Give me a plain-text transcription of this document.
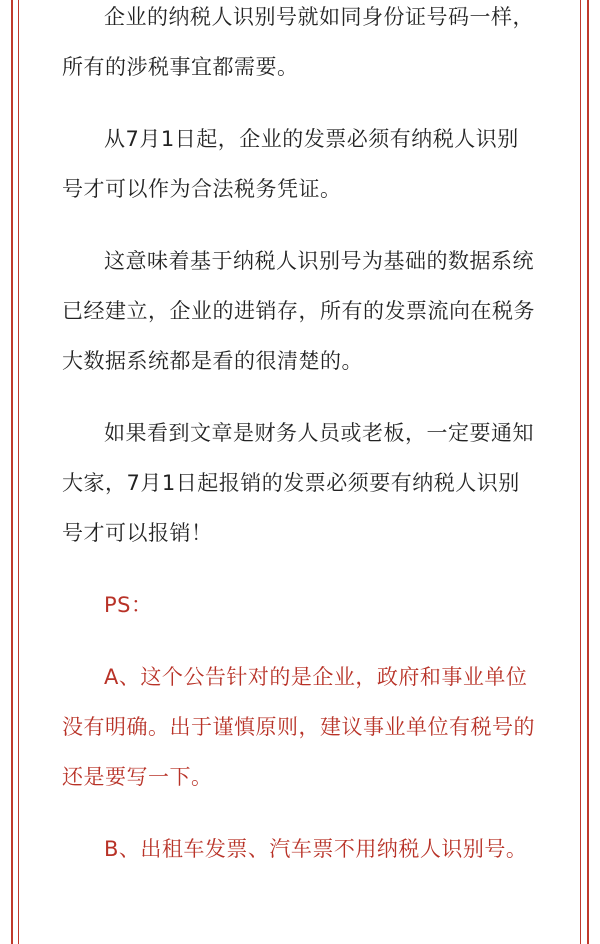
企业的纳税人识别号就如同身份证号码一样，所有的涉税事宜都需要。

从7月1日起，企业的发票必须有纳税人识别号才可以作为合法税务凭证。

这意味着基于纳税人识别号为基础的数据系统已经建立，企业的进销存，所有的发票流向在税务大数据系统都是看的很清楚的。

如果看到文章是财务人员或老板，一定要通知大家，7月1日起报销的发票必须要有纳税人识别号才可以报销！

PS：

A、这个公告针对的是企业，政府和事业单位没有明确。出于谨慎原则，建议事业单位有税号的还是要写一下。

B、出租车发票、汽车票不用纳税人识别号。
